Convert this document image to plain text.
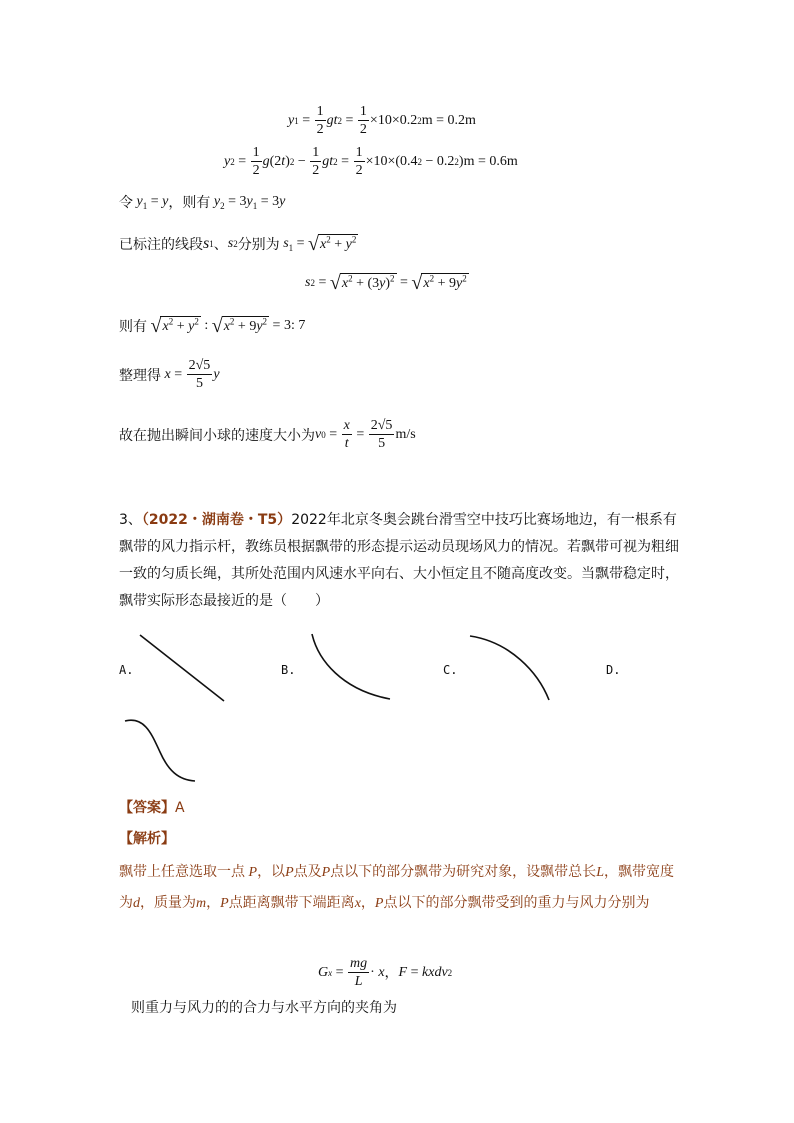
y $1 = \frac{1}{2}$ gt $2 = \frac{1}{2} \times 10\times 0.2$ 2 m = 0.2m
y $2 = \frac{1}{2}$ g (2 t ) $2 - \frac{1}{2}$ gt $2 = \frac{1}{2} \times 10\times(0.4$ 2 − 0.2 2 )m = 0.6m
令 $y_1 = y$ ，则有 $y_2 = 3y_1 = 3y$
已标注的线段 s 1 、 s 2 分别为 $s_1$ = √ $x^2 + y^2$
s 2 = √ $x^2 + (3y)^2$ = √ $x^2 + 9y^2$
则有
√ $x^2 + y^2$ : √ $x^2 + 9y^2$
= 3: 7
整理得
$x = \frac{2√5}{5}$ y
故在抛出瞬间小球的速度大小为 v $0 = \frac{x}{t} = \frac{2√5}{5} m/s$
3、（2022・湖南卷・T5）2022年北京冬奥会跳台滑雪空中技巧比赛场地边，有一根系有飘带的风力指示杆，教练员根据飘带的形态提示运动员现场风力的情况。若飘带可视为粗细一致的匀质长绳，其所处范围内风速水平向右、大小恒定且不随高度改变。当飘带稳定时，飘带实际形态最接近的是（　　）
A.	B.	C.	D.
【答案】A
【解析】
飘带上任意选取一点 P，以P点及P点以下的部分飘带为研究对象，设飘带总长L，飘带宽度为d，质量为m，P点距离飘带下端距离x，P点以下的部分飘带受到的重力与风力分别为
G $x = \frac{mg}{L} \cdot x$ ， F = kxdv 2
则重力与风力的的合力与水平方向的夹角为
